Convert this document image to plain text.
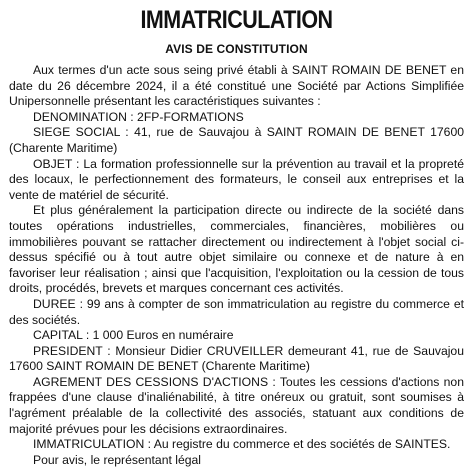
IMMATRICULATION
AVIS DE CONSTITUTION

Aux termes d'un acte sous seing privé établi à SAINT ROMAIN DE BENET en date du 26 décembre 2024, il a été constitué une Société par Actions Simplifiée Unipersonnelle présentant les caractéristiques suivantes :

DENOMINATION : 2FP-FORMATIONS

SIEGE SOCIAL : 41, rue de Sauvajou à SAINT ROMAIN DE BENET 17600 (Charente Maritime)

OBJET : La formation professionnelle sur la prévention au travail et la propreté des locaux, le perfectionnement des formateurs, le conseil aux entreprises et la vente de matériel de sécurité.

Et plus généralement la participation directe ou indirecte de la société dans toutes opérations industrielles, commerciales, financières, mobilières ou immobilières pouvant se rattacher directement ou indirectement à l'objet social ci-dessus spécifié ou à tout autre objet similaire ou connexe et de nature à en favoriser leur réalisation ; ainsi que l'acquisition, l'exploitation ou la cession de tous droits, procédés, brevets et marques concernant ces activités.

DUREE : 99 ans à compter de son immatriculation au registre du commerce et des sociétés.

CAPITAL : 1 000 Euros en numéraire

PRESIDENT : Monsieur Didier CRUVEILLER demeurant 41, rue de Sauvajou 17600 SAINT ROMAIN DE BENET (Charente Maritime)

AGREMENT DES CESSIONS D'ACTIONS : Toutes les cessions d'actions non frappées d'une clause d'inaliénabilité, à titre onéreux ou gratuit, sont soumises à l'agrément préalable de la collectivité des associés, statuant aux conditions de majorité prévues pour les décisions extraordinaires.

IMMATRICULATION : Au registre du commerce et des sociétés de SAINTES.

Pour avis, le représentant légal
